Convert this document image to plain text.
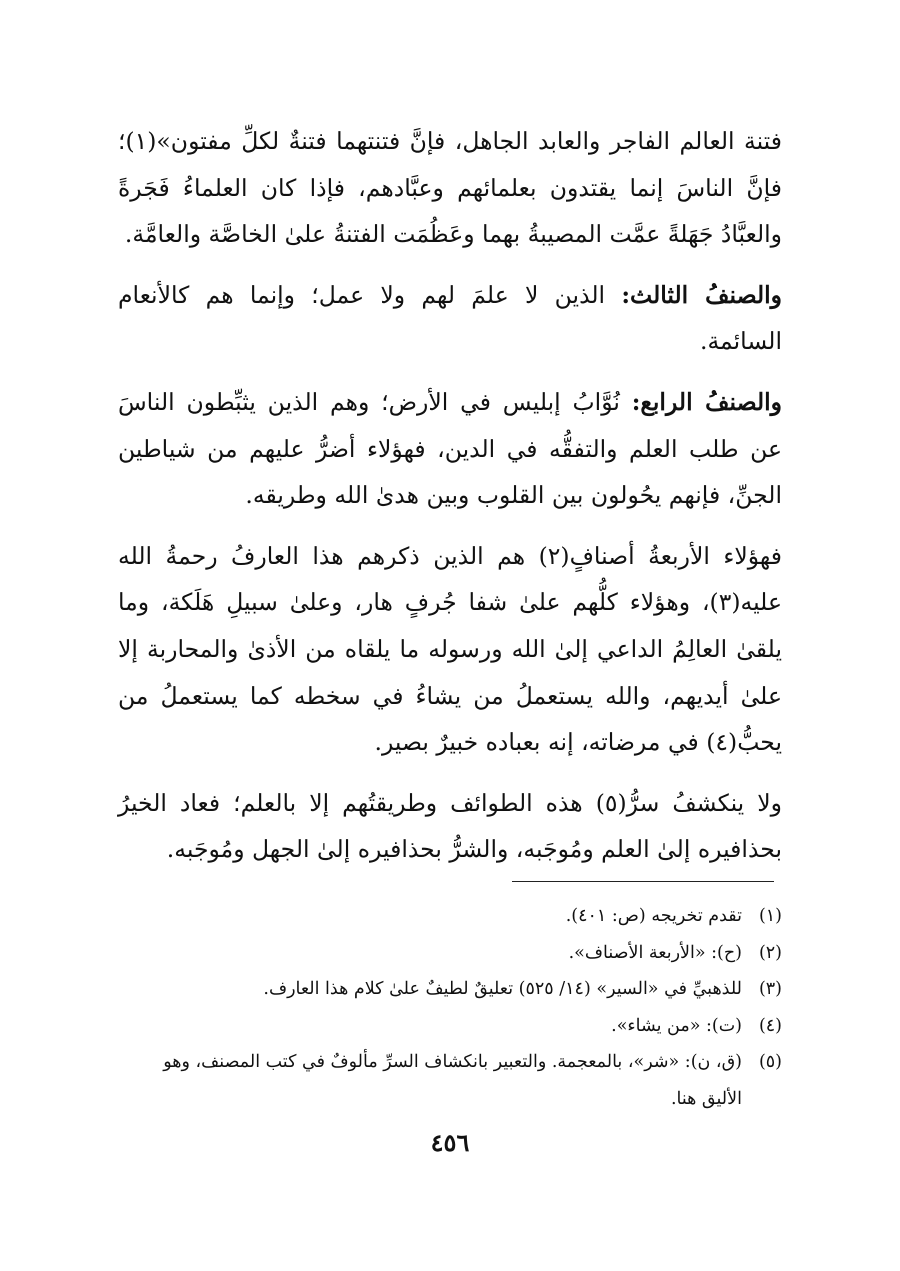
فتنة العالم الفاجر والعابد الجاهل، فإنَّ فتنتهما فتنةٌ لكلِّ مفتون»(١)؛ فإنَّ الناسَ إنما يقتدون بعلمائهم وعبَّادهم، فإذا كان العلماءُ فَجَرةً والعبَّادُ جَهَلةً عمَّت المصيبةُ بهما وعَظُمَت الفتنةُ علىٰ الخاصَّة والعامَّة.

والصنفُ الثالث: الذين لا علمَ لهم ولا عمل؛ وإنما هم كالأنعام السائمة.

والصنفُ الرابع: نُوَّابُ إبليس في الأرض؛ وهم الذين يثبِّطون الناسَ عن طلب العلم والتفقُّه في الدين، فهؤلاء أضرُّ عليهم من شياطين الجنِّ، فإنهم يحُولون بين القلوب وبين هدىٰ الله وطريقه.

فهؤلاء الأربعةُ أصنافٍ(٢) هم الذين ذكرهم هذا العارفُ رحمةُ الله عليه(٣)، وهؤلاء كلُّهم علىٰ شفا جُرفٍ هار، وعلىٰ سبيلِ هَلَكة، وما يلقىٰ العالِمُ الداعي إلىٰ الله ورسوله ما يلقاه من الأذىٰ والمحاربة إلا علىٰ أيديهم، والله يستعملُ من يشاءُ في سخطه كما يستعملُ من يحبُّ(٤) في مرضاته، إنه بعباده خبيرٌ بصير.

ولا ينكشفُ سرُّ(٥) هذه الطوائف وطريقتُهم إلا بالعلم؛ فعاد الخيرُ بحذافيره إلىٰ العلم ومُوجَبه، والشرُّ بحذافيره إلىٰ الجهل ومُوجَبه.

(١)
تقدم تخريجه (ص: ٤٠١).
(٢)
(ح): «الأربعة الأصناف».
(٣)
للذهبيِّ في «السير» (١٤/ ٥٢٥) تعليقٌ لطيفٌ علىٰ كلام هذا العارف.
(٤)
(ت): «من يشاء».
(٥)
(ق، ن): «شر»، بالمعجمة. والتعبير بانكشاف السرِّ مألوفٌ في كتب المصنف، وهو الأليق هنا.
٤٥٦
